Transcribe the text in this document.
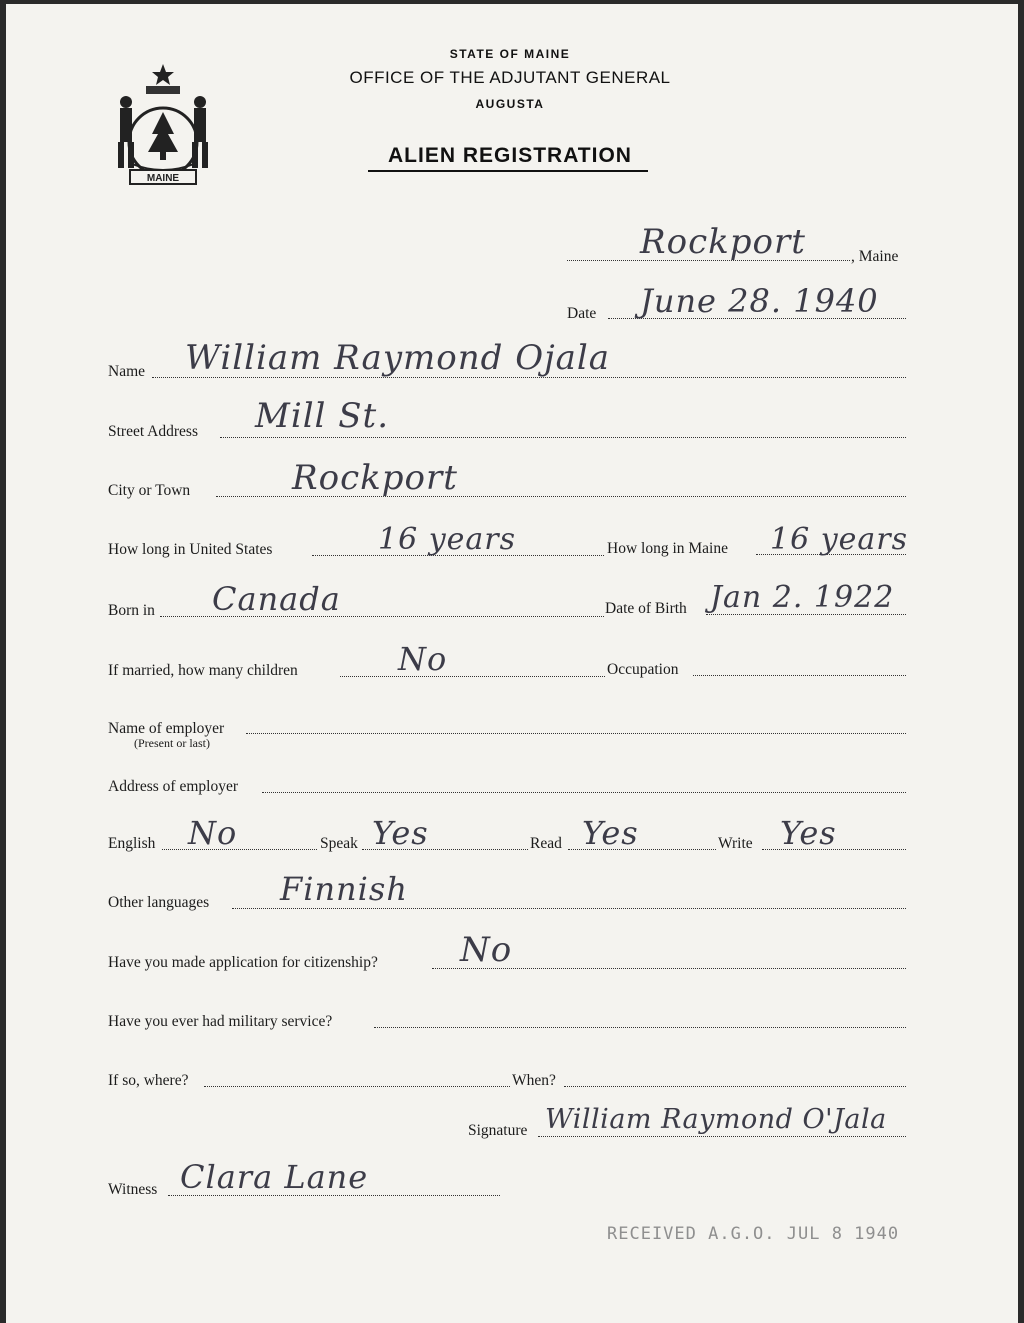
MAINE
STATE OF MAINE
OFFICE OF THE ADJUTANT GENERAL
AUGUSTA
ALIEN REGISTRATION
Rockport	, Maine
Date June 28. 1940
Name William Raymond Ojala
Street Address Mill St.
City or Town	Rockport
How long in United States	16 years	How long in Maine 16 years
Born in Canada	Date of Birth Jan 2. 1922
If married, how many children	No	Occupation
Name of employer
(Present or last)
Address of employer
English No	Speak Yes	Read Yes	Write Yes
Other languages Finnish
Have you made application for citizenship? No
Have you ever had military service?
If so, where?	When?
Signature William Raymond O'Jala
Witness Clara Lane
RECEIVED A.G.O. JUL 8 1940
